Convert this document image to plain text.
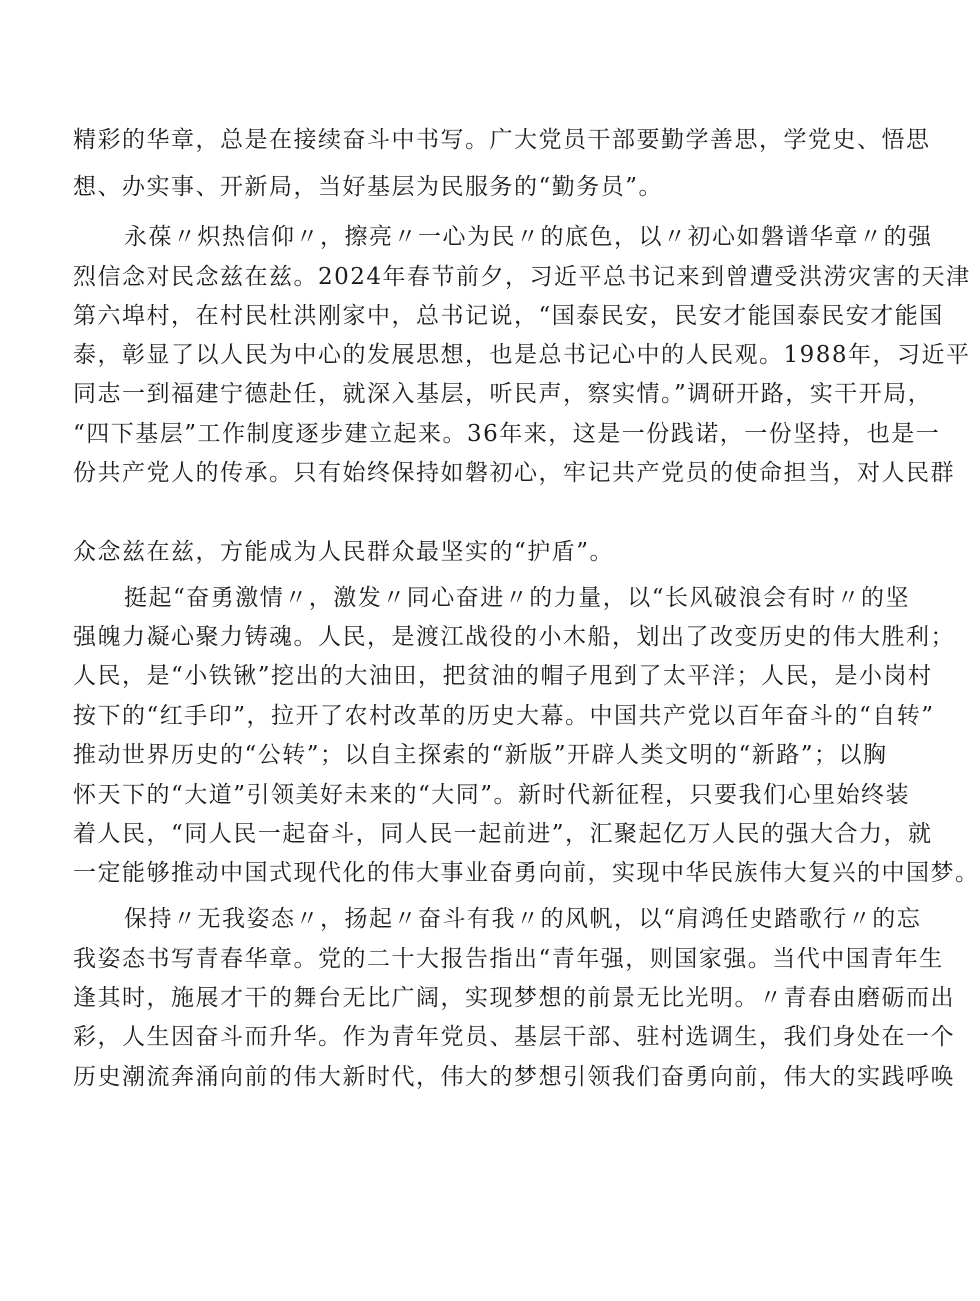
精彩的华章，总是在接续奋斗中书写。广大党员干部要勤学善思，学党史、悟思
想、办实事、开新局，当好基层为民服务的“勤务员”。
永葆〃炽热信仰〃，擦亮〃一心为民〃的底色，以〃初心如磐谱华章〃的强
烈信念对民念兹在兹。2024年春节前夕，习近平总书记来到曾遭受洪涝灾害的天津
第六埠村，在村民杜洪刚家中，总书记说，“国泰民安，民安才能国泰民安才能国
泰，彰显了以人民为中心的发展思想，也是总书记心中的人民观。1988年，习近平
同志一到福建宁德赴任，就深入基层，听民声，察实情。”调研开路，实干开局，
“四下基层”工作制度逐步建立起来。36年来，这是一份践诺，一份坚持，也是一
份共产党人的传承。只有始终保持如磐初心，牢记共产党员的使命担当，对人民群
众念兹在兹，方能成为人民群众最坚实的“护盾”。
挺起“奋勇激情〃，激发〃同心奋进〃的力量，以“长风破浪会有时〃的坚
强魄力凝心聚力铸魂。人民，是渡江战役的小木船，划出了改变历史的伟大胜利；
人民，是“小铁锹”挖出的大油田，把贫油的帽子甩到了太平洋；人民，是小岗村
按下的“红手印”，拉开了农村改革的历史大幕。中国共产党以百年奋斗的“自转”
推动世界历史的“公转”；以自主探索的“新版”开辟人类文明的“新路”；以胸
怀天下的“大道”引领美好未来的“大同”。新时代新征程，只要我们心里始终装
着人民，“同人民一起奋斗，同人民一起前进”，汇聚起亿万人民的强大合力，就
一定能够推动中国式现代化的伟大事业奋勇向前，实现中华民族伟大复兴的中国梦。
保持〃无我姿态〃，扬起〃奋斗有我〃的风帆，以“肩鸿任史踏歌行〃的忘
我姿态书写青春华章。党的二十大报告指出“青年强，则国家强。当代中国青年生
逢其时，施展才干的舞台无比广阔，实现梦想的前景无比光明。〃青春由磨砺而出
彩，人生因奋斗而升华。作为青年党员、基层干部、驻村选调生，我们身处在一个
历史潮流奔涌向前的伟大新时代，伟大的梦想引领我们奋勇向前，伟大的实践呼唤
